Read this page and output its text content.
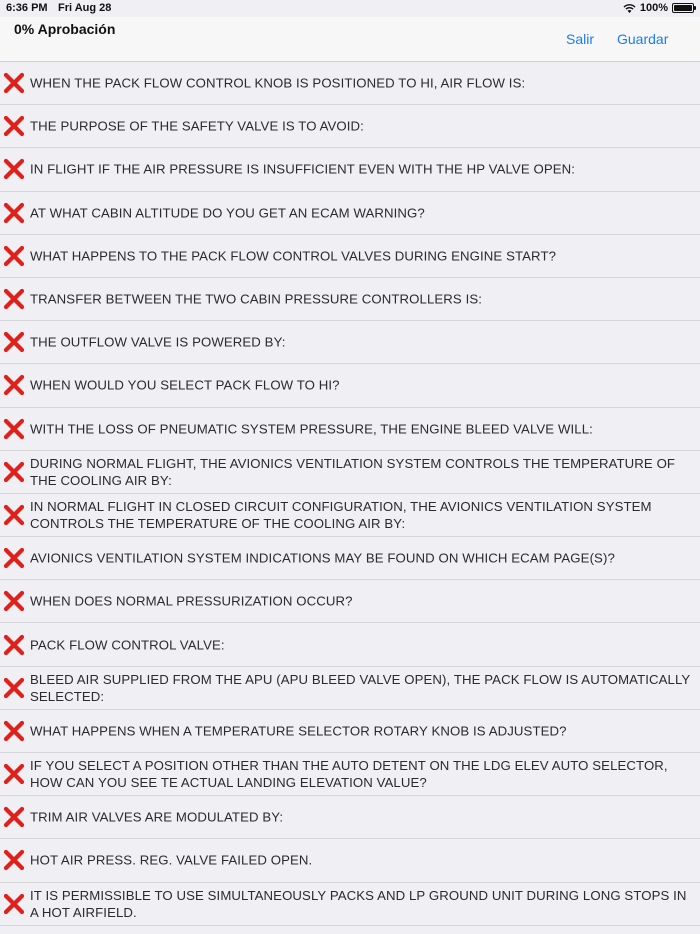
6:36 PM Fri Aug 28	100%
0% Aprobación
Salir Guardar
WHEN THE PACK FLOW CONTROL KNOB IS POSITIONED TO HI, AIR FLOW IS:
THE PURPOSE OF THE SAFETY VALVE IS TO AVOID:
IN FLIGHT IF THE AIR PRESSURE IS INSUFFICIENT EVEN WITH THE HP VALVE OPEN:
AT WHAT CABIN ALTITUDE DO YOU GET AN ECAM WARNING?
WHAT HAPPENS TO THE PACK FLOW CONTROL VALVES DURING ENGINE START?
TRANSFER BETWEEN THE TWO CABIN PRESSURE CONTROLLERS IS:
THE OUTFLOW VALVE IS POWERED BY:
WHEN WOULD YOU SELECT PACK FLOW TO HI?
WITH THE LOSS OF PNEUMATIC SYSTEM PRESSURE, THE ENGINE BLEED VALVE WILL:
DURING NORMAL FLIGHT, THE AVIONICS VENTILATION SYSTEM CONTROLS THE TEMPERATURE OF THE COOLING AIR BY:
IN NORMAL FLIGHT IN CLOSED CIRCUIT CONFIGURATION, THE AVIONICS VENTILATION SYSTEM CONTROLS THE TEMPERATURE OF THE COOLING AIR BY:
AVIONICS VENTILATION SYSTEM INDICATIONS MAY BE FOUND ON WHICH ECAM PAGE(S)?
WHEN DOES NORMAL PRESSURIZATION OCCUR?
PACK FLOW CONTROL VALVE:
BLEED AIR SUPPLIED FROM THE APU (APU BLEED VALVE OPEN), THE PACK FLOW IS AUTOMATICALLY SELECTED:
WHAT HAPPENS WHEN A TEMPERATURE SELECTOR ROTARY KNOB IS ADJUSTED?
IF YOU SELECT A POSITION OTHER THAN THE AUTO DETENT ON THE LDG ELEV AUTO SELECTOR, HOW CAN YOU SEE TE ACTUAL LANDING ELEVATION VALUE?
TRIM AIR VALVES ARE MODULATED BY:
HOT AIR PRESS. REG. VALVE FAILED OPEN.
IT IS PERMISSIBLE TO USE SIMULTANEOUSLY PACKS AND LP GROUND UNIT DURING LONG STOPS IN A HOT AIRFIELD.
